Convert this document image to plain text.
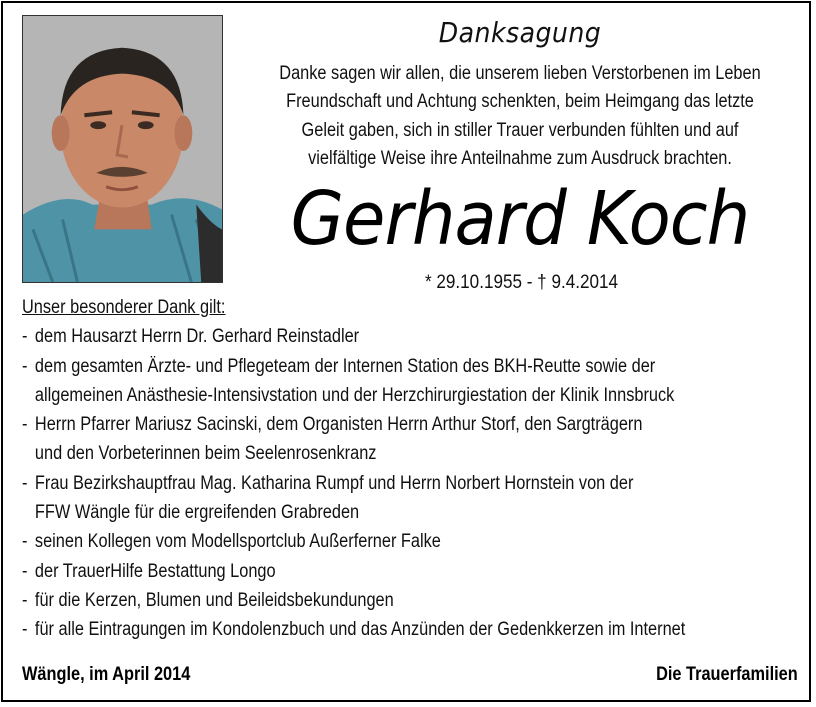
Danksagung
Danke sagen wir allen, die unserem lieben Verstorbenen im Leben
Freundschaft und Achtung schenkten, beim Heimgang das letzte
Geleit gaben, sich in stiller Trauer verbunden fühlten und auf
vielfältige Weise ihre Anteilnahme zum Ausdruck brachten.
Gerhard Koch
* 29.10.1955 - † 9.4.2014
Unser besonderer Dank gilt:
- dem Hausarzt Herrn Dr. Gerhard Reinstadler
- dem gesamten Ärzte- und Pflegeteam der Internen Station des BKH-Reutte sowie der
allgemeinen Anästhesie-Intensivstation und der Herzchirurgiestation der Klinik Innsbruck
- Herrn Pfarrer Mariusz Sacinski, dem Organisten Herrn Arthur Storf, den Sargträgern
und den Vorbeterinnen beim Seelenrosenkranz
- Frau Bezirkshauptfrau Mag. Katharina Rumpf und Herrn Norbert Hornstein von der
FFW Wängle für die ergreifenden Grabreden
- seinen Kollegen vom Modellsportclub Außerferner Falke
- der TrauerHilfe Bestattung Longo
- für die Kerzen, Blumen und Beileidsbekundungen
- für alle Eintragungen im Kondolenzbuch und das Anzünden der Gedenkkerzen im Internet
Wängle, im April 2014	Die Trauerfamilien
